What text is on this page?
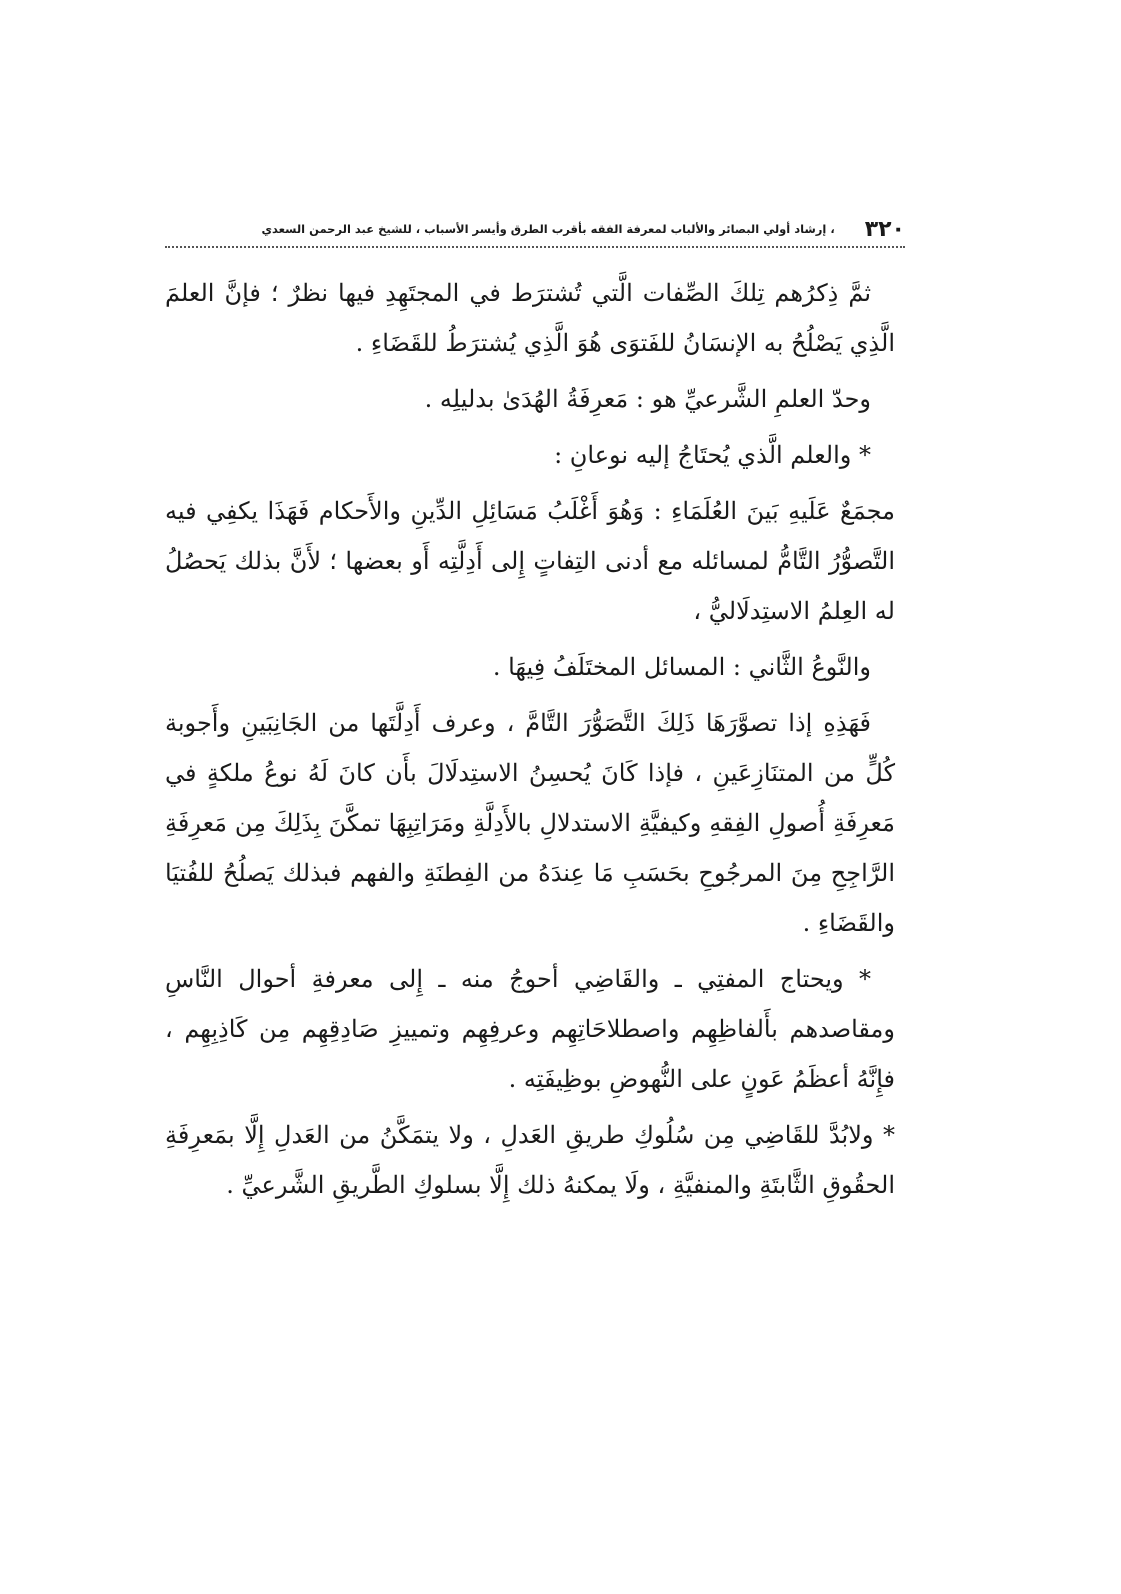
٣٢٠
، إرشاد أولي البصائر والألباب لمعرفة الفقه بأقرب الطرق وأيسر الأسباب ، للشيخ عبد الرحمن السعدي

ثمَّ ذِكرُهم تِلكَ الصِّفات الَّتي تُشترَط في المجتَهِدِ فيها نظرٌ ؛ فإنَّ العلمَ الَّذِي يَصْلُحُ به الإنسَانُ للفَتوَى هُوَ الَّذِي يُشترَطُ للقَضَاءِ .

وحدّ العلمِ الشَّرعيِّ هو : مَعرِفَةُ الهُدَىٰ بدليلِه .

* والعلم الَّذي يُحتَاجُ إليه نوعانِ :

مجمَعٌ عَلَيهِ بَينَ العُلَمَاءِ : وَهُوَ أَغْلَبُ مَسَائِلِ الدِّينِ والأَحكام فَهَذَا يكفِي فيه التَّصوُّرُ التَّامُّ لمسائله مع أدنى التِفاتٍ إِلى أَدِلَّتِه أَو بعضها ؛ لأَنَّ بذلك يَحصُلُ له العِلمُ الاستِدلَاليُّ ،

والنَّوعُ الثَّاني : المسائل المختَلَفُ فِيهَا .

فَهَذِهِ إذا تصوَّرَهَا ذَلِكَ التَّصَوُّرَ التَّامَّ ، وعرف أَدِلَّتَها من الجَانِبَينِ وأَجوبة كُلٍّ من المتنَازِعَينِ ، فإذا كَانَ يُحسِنُ الاستِدلَالَ بأَن كانَ لَهُ نوعُ ملكةٍ في مَعرِفَةِ أُصولِ الفِقهِ وكيفيَّةِ الاستدلالِ بالأَدِلَّةِ ومَرَاتِبِهَا تمكَّنَ بِذَلِكَ مِن مَعرِفَةِ الرَّاجِحِ مِنَ المرجُوحِ بحَسَبِ مَا عِندَهُ من الفِطنَةِ والفهم فبذلك يَصلُحُ للفُتيَا والقَضَاءِ .

* ويحتاج المفتِي ـ والقَاضِي أحوجُ منه ـ إِلى معرفةِ أحوال النَّاسِ ومقاصدهم بأَلفاظِهِم واصطلاحَاتِهِم وعرفِهِم وتمييزِ صَادِقِهِم مِن كَاذِبِهِم ، فإِنَّهُ أعظَمُ عَونٍ على النُّهوضِ بوظِيفَتِه .

* ولابُدَّ للقَاضِي مِن سُلُوكِ طريقِ العَدلِ ، ولا يتمَكَّنُ من العَدلِ إِلَّا بمَعرِفَةِ الحقُوقِ الثَّابتَةِ والمنفيَّةِ ، ولَا يمكنهُ ذلك إِلَّا بسلوكِ الطَّريقِ الشَّرعيِّ .
